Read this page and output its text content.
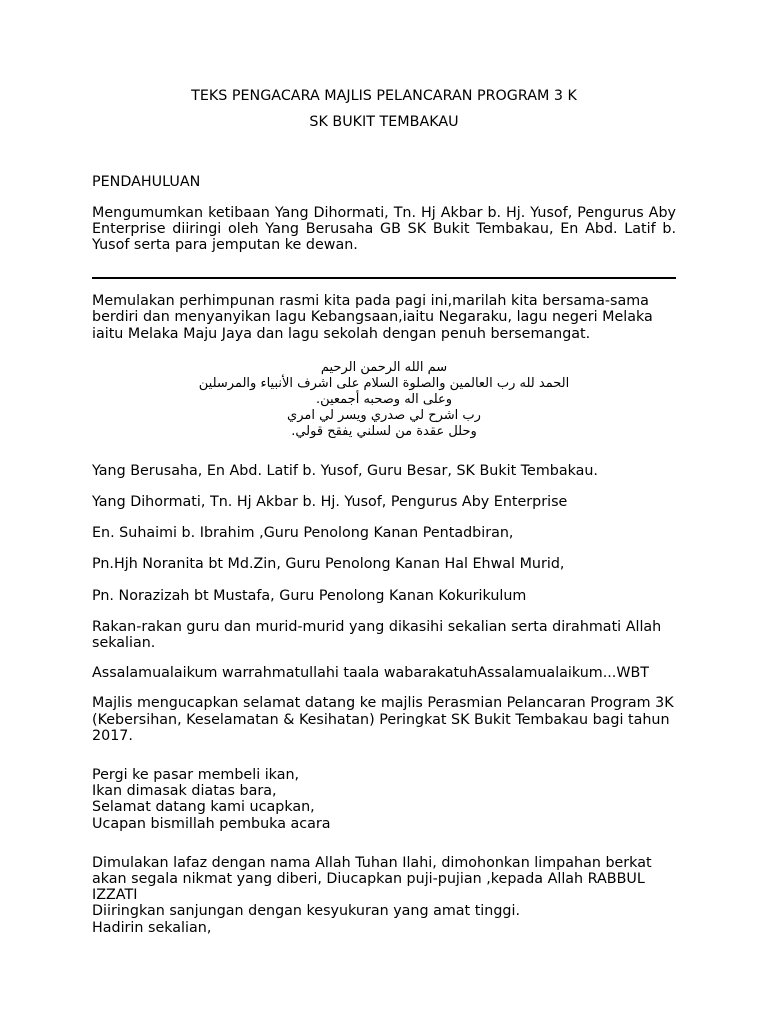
TEKS PENGACARA MAJLIS PELANCARAN PROGRAM 3 K

SK BUKIT TEMBAKAU

PENDAHULUAN

Mengumumkan ketibaan Yang Dihormati, Tn. Hj Akbar b. Hj. Yusof, Pengurus Aby Enterprise diiringi oleh Yang Berusaha GB SK Bukit Tembakau, En Abd. Latif b. Yusof serta para jemputan ke dewan.

Memulakan perhimpunan rasmi kita pada pagi ini,marilah kita bersama-sama berdiri dan menyanyikan lagu Kebangsaan,iaitu Negaraku, lagu negeri Melaka iaitu Melaka Maju Jaya dan lagu sekolah dengan penuh bersemangat.

سم الله الرحمن الرحيم
الحمد لله رب العالمين والصلوة السلام على اشرف الأنبياء والمرسلين
وعلى اله وصحبه أجمعين.
رب اشرح لي صدري ويسر لي امري
وحلل عقدة من لسلني يفقح قولي.

Yang Berusaha, En Abd. Latif b. Yusof, Guru Besar, SK Bukit Tembakau.

Yang Dihormati, Tn. Hj Akbar b. Hj. Yusof, Pengurus Aby Enterprise

En. Suhaimi b. Ibrahim ,Guru Penolong Kanan Pentadbiran,

Pn.Hjh Noranita bt Md.Zin, Guru Penolong Kanan Hal Ehwal Murid,

Pn. Norazizah bt Mustafa, Guru Penolong Kanan Kokurikulum

Rakan-rakan guru dan murid-murid yang dikasihi sekalian serta dirahmati Allah sekalian.

Assalamualaikum warrahmatullahi taala wabarakatuhAssalamualaikum...WBT

Majlis mengucapkan selamat datang ke majlis Perasmian Pelancaran Program 3K (Kebersihan, Keselamatan & Kesihatan) Peringkat SK Bukit Tembakau bagi tahun 2017.

Pergi ke pasar membeli ikan,
Ikan dimasak diatas bara,
Selamat datang kami ucapkan,
Ucapan bismillah pembuka acara
Dimulakan lafaz dengan nama Allah Tuhan Ilahi, dimohonkan limpahan berkat akan segala nikmat yang diberi, Diucapkan puji-pujian ,kepada Allah RABBUL IZZATI
Diiringkan sanjungan dengan kesyukuran yang amat tinggi.
Hadirin sekalian,
